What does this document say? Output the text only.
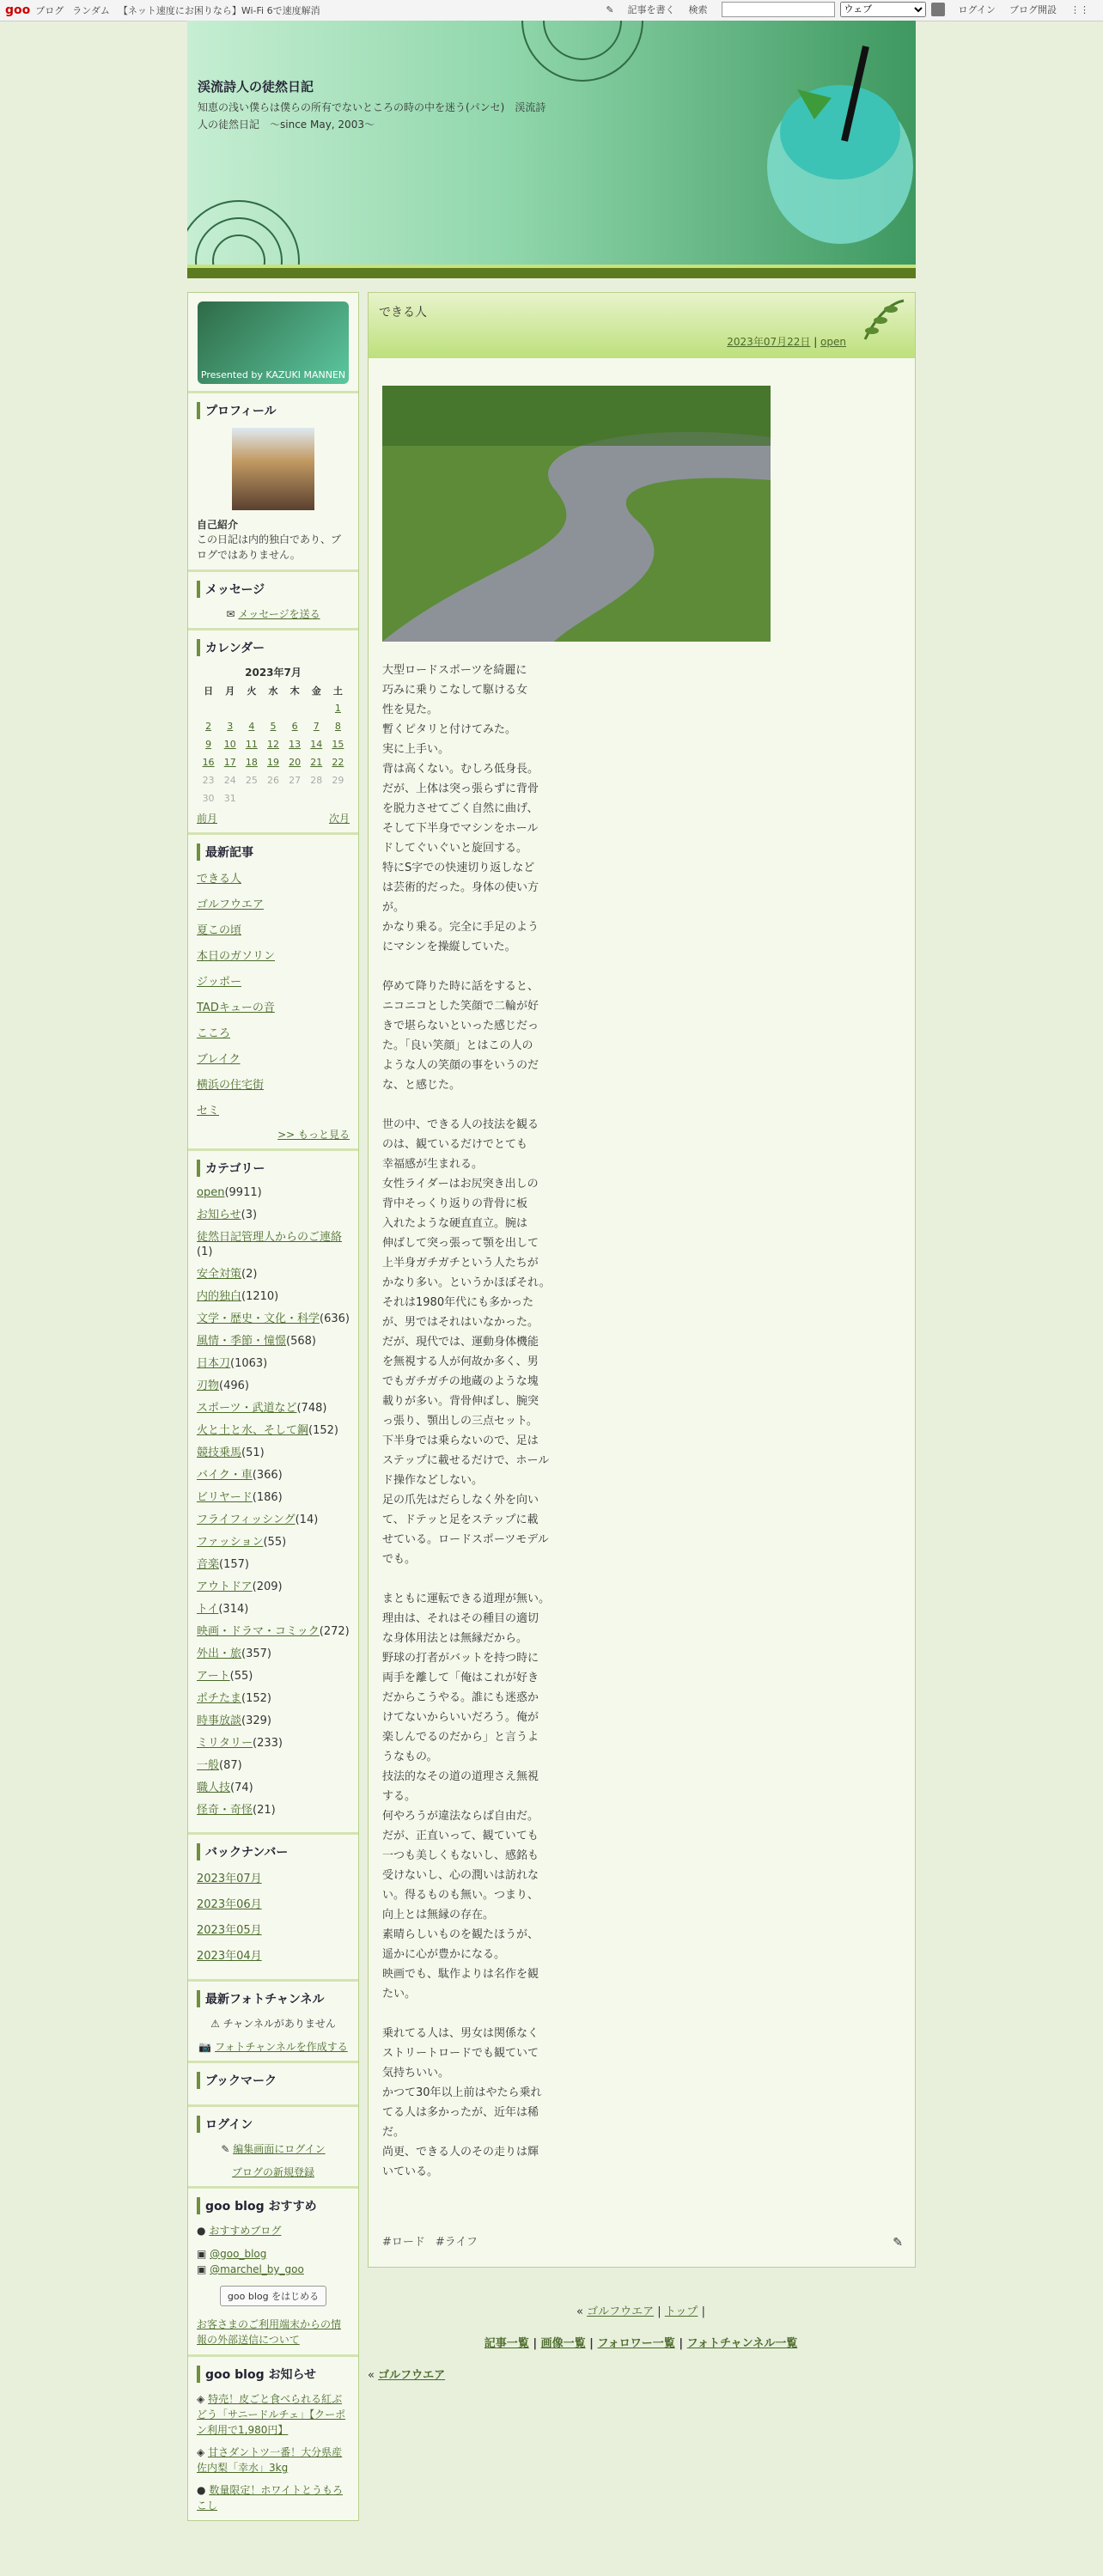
goo ブログ ランダム 【ネット速度にお困りなら】Wi-Fi 6で速度解消	✎ 記事を書く 検索
ウェブ	ログイン ブログ開設 ⋮⋮
渓流詩人の徒然日記
知恵の浅い僕らは僕らの所有でないところの時の中を迷う(パンセ)　渓流詩人の徒然日記　～since May, 2003～
Presented by KAZUKI MANNEN
プロフィール
自己紹介
この日記は内的独白であり、ブログではありません。
メッセージ
✉ メッセージを送る
カレンダー
2023年7月
日	月	火	水	木	金	土
						1
2	3	4	5	6	7	8
9	10	11	12	13	14	15
16	17	18	19	20	21	22
23	24	25	26	27	28	29
30	31					
前月	次月
最新記事
できる人
ゴルフウエア
夏この頃
本日のガソリン
ジッポー
TADキューの音
こころ
ブレイク
横浜の住宅街
セミ
>> もっと見る
カテゴリー
open(9911)
お知らせ(3)
徒然日記管理人からのご連絡(1)
安全対策(2)
内的独白(1210)
文学・歴史・文化・科学(636)
風情・季節・憧憬(568)
日本刀(1063)
刃物(496)
スポーツ・武道など(748)
火と土と水、そして鋼(152)
競技乗馬(51)
バイク・車(366)
ビリヤード(186)
フライフィッシング(14)
ファッション(55)
音楽(157)
アウトドア(209)
トイ(314)
映画・ドラマ・コミック(272)
外出・旅(357)
アート(55)
ポチたま(152)
時事放談(329)
ミリタリー(233)
一般(87)
職人技(74)
怪奇・奇怪(21)
バックナンバー
2023年07月
2023年06月
2023年05月
2023年04月
最新フォトチャンネル
⚠ チャンネルがありません
📷 フォトチャンネルを作成する
ブックマーク
ログイン
✎ 編集画面にログイン
ブログの新規登録
goo blog おすすめ
● おすすめブログ
▣ @goo_blog
▣ @marchel_by_goo
goo blog をはじめる
お客さまのご利用端末からの情報の外部送信について
goo blog お知らせ
◈ 特売！皮ごと食べられる紅ぶどう「サニードルチェ」【クーポン利用で1,980円】
◈ 甘さダントツ一番！大分県産佐内梨「幸水」3kg
● 数量限定！ホワイトとうもろこし
できる人
2023年07月22日 | open
大型ロードスポーツを綺麗に
巧みに乗りこなして駆ける女
性を見た。
暫くピタリと付けてみた。
実に上手い。
背は高くない。むしろ低身長。
だが、上体は突っ張らずに背骨
を脱力させてごく自然に曲げ、
そして下半身でマシンをホール
ドしてぐいぐいと旋回する。
特にS字での快速切り返しなど
は芸術的だった。身体の使い方
が。
かなり乗る。完全に手足のよう
にマシンを操縦していた。

停めて降りた時に話をすると、
ニコニコとした笑顔で二輪が好
きで堪らないといった感じだっ
た。「良い笑顔」とはこの人の
ような人の笑顔の事をいうのだ
な、と感じた。

世の中、できる人の技法を観る
のは、観ているだけでとても
幸福感が生まれる。
女性ライダーはお尻突き出しの
背中そっくり返りの背骨に板
入れたような硬直直立。腕は
伸ばして突っ張って顎を出して
上半身ガチガチという人たちが
かなり多い。というかほぼそれ。
それは1980年代にも多かった
が、男ではそれはいなかった。
だが、現代では、運動身体機能
を無視する人が何故か多く、男
でもガチガチの地蔵のような塊
載りが多い。背骨伸ばし、腕突
っ張り、顎出しの三点セット。
下半身では乗らないので、足は
ステップに載せるだけで、ホール
ド操作などしない。
足の爪先はだらしなく外を向い
て、ドテッと足をステップに載
せている。ロードスポーツモデル
でも。

まともに運転できる道理が無い。
理由は、それはその種目の適切
な身体用法とは無縁だから。
野球の打者がバットを持つ時に
両手を離して「俺はこれが好き
だからこうやる。誰にも迷惑か
けてないからいいだろう。俺が
楽しんでるのだから」と言うよ
うなもの。
技法的なその道の道理さえ無視
する。
何やろうが違法ならば自由だ。
だが、正直いって、観ていても
一つも美しくもないし、感銘も
受けないし、心の潤いは訪れな
い。得るものも無い。つまり、
向上とは無縁の存在。
素晴らしいものを観たほうが、
遥かに心が豊かになる。
映画でも、駄作よりは名作を観
たい。

乗れてる人は、男女は関係なく
ストリートロードでも観ていて
気持ちいい。
かつて30年以上前はやたら乗れ
てる人は多かったが、近年は稀
だ。
尚更、できる人のその走りは輝
いている。
#ロード #ライフ	✎
« ゴルフウエア | トップ |
記事一覧 | 画像一覧 | フォロワー一覧 | フォトチャンネル一覧
« ゴルフウエア
